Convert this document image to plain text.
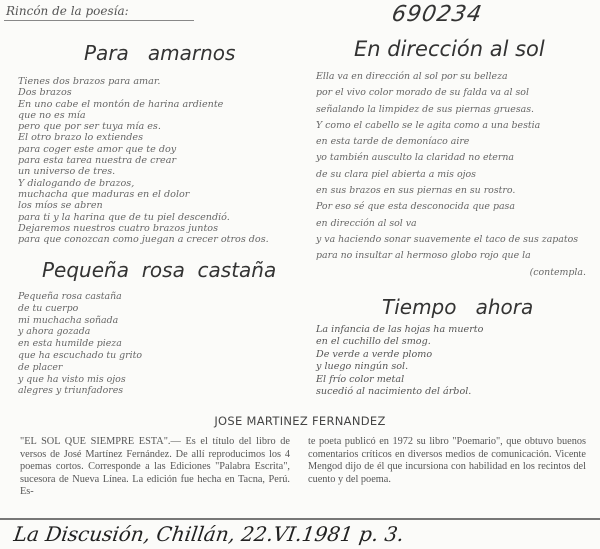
Rincón de la poesía:	690234
Para   amarnos
Tienes dos brazos para amar.
Dos brazos
En uno cabe el montón de harina ardiente
que no es mía
pero que por ser tuya mía es.
El otro brazo lo extiendes
para coger este amor que te doy
para esta tarea nuestra de crear
un universo de tres.
Y dialogando de brazos,
muchacha que maduras en el dolor
los míos se abren
para ti y la harina que de tu piel descendió.
Dejaremos nuestros cuatro brazos juntos
para que conozcan como juegan a crecer otros dos.
En dirección al sol
Ella va en dirección al sol por su belleza
por el vivo color morado de su falda va al sol
señalando la limpidez de sus piernas gruesas.
Y como el cabello se le agita como a una bestia
en esta tarde de demoníaco aire
yo también ausculto la claridad no eterna
de su clara piel abierta a mis ojos
en sus brazos en sus piernas en su rostro.
Por eso sé que esta desconocida que pasa
en dirección al sol va
y va haciendo sonar suavemente el taco de sus zapatos
para no insultar al hermoso globo rojo que la
(contempla.
Pequeña  rosa  castaña
Pequeña rosa castaña
de tu cuerpo
mi muchacha soñada
y ahora gozada
en esta humilde pieza
que ha escuchado tu grito
de placer
y que ha visto mis ojos
alegres y triunfadores
Tiempo   ahora
La infancia de las hojas ha muerto
en el cuchillo del smog.
De verde a verde plomo
y luego ningún sol.
El frío color metal
sucedió al nacimiento del árbol.
JOSE MARTINEZ FERNANDEZ
"EL SOL QUE SIEMPRE ESTA".— Es el título del libro de versos de José Martínez Fernández. De allí reproducimos los 4 poemas cortos. Corresponde a las Ediciones "Palabra Escrita", sucesora de Nueva Línea. La edición fue hecha en Tacna, Perú. Es-
te poeta publicó en 1972 su libro "Poemario", que obtuvo buenos comentarios críticos en diversos medios de comunicación. Vicente Mengod dijo de él que incursiona con habilidad en los recintos del cuento y del poema.
La Discusión, Chillán, 22.VI.1981 p. 3.
